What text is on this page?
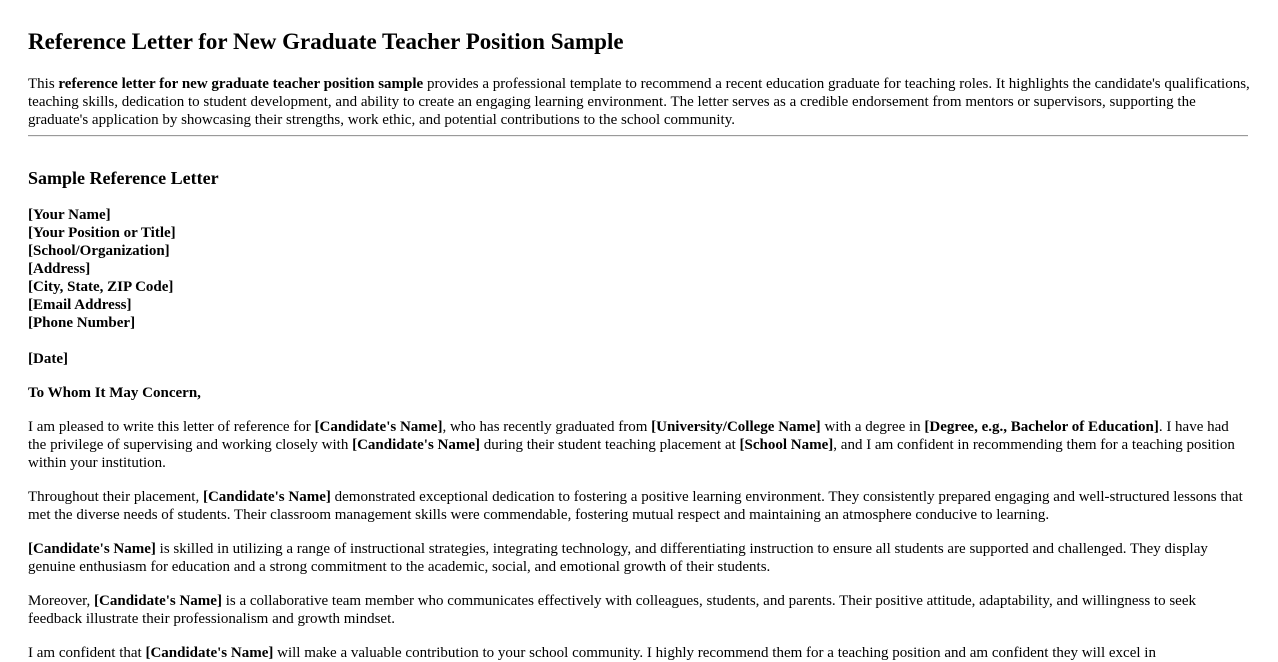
Reference Letter for New Graduate Teacher Position Sample

This reference letter for new graduate teacher position sample provides a professional template to recommend a recent education graduate for teaching roles. It highlights the candidate's qualifications, teaching skills, dedication to student development, and ability to create an engaging learning environment. The letter serves as a credible endorsement from mentors or supervisors, supporting the graduate's application by showcasing their strengths, work ethic, and potential contributions to the school community.

Sample Reference Letter
[Your Name]
[Your Position or Title]
[School/Organization]
[Address]
[City, State, ZIP Code]
[Email Address]
[Phone Number]

[Date]

To Whom It May Concern,

I am pleased to write this letter of reference for [Candidate's Name], who has recently graduated from [University/College Name] with a degree in [Degree, e.g., Bachelor of Education]. I have had the privilege of supervising and working closely with [Candidate's Name] during their student teaching placement at [School Name], and I am confident in recommending them for a teaching position within your institution.

Throughout their placement, [Candidate's Name] demonstrated exceptional dedication to fostering a positive learning environment. They consistently prepared engaging and well-structured lessons that met the diverse needs of students. Their classroom management skills were commendable, fostering mutual respect and maintaining an atmosphere conducive to learning.

[Candidate's Name] is skilled in utilizing a range of instructional strategies, integrating technology, and differentiating instruction to ensure all students are supported and challenged. They display genuine enthusiasm for education and a strong commitment to the academic, social, and emotional growth of their students.

Moreover, [Candidate's Name] is a collaborative team member who communicates effectively with colleagues, students, and parents. Their positive attitude, adaptability, and willingness to seek feedback illustrate their professionalism and growth mindset.

I am confident that [Candidate's Name] will make a valuable contribution to your school community. I highly recommend them for a teaching position and am confident they will excel in
